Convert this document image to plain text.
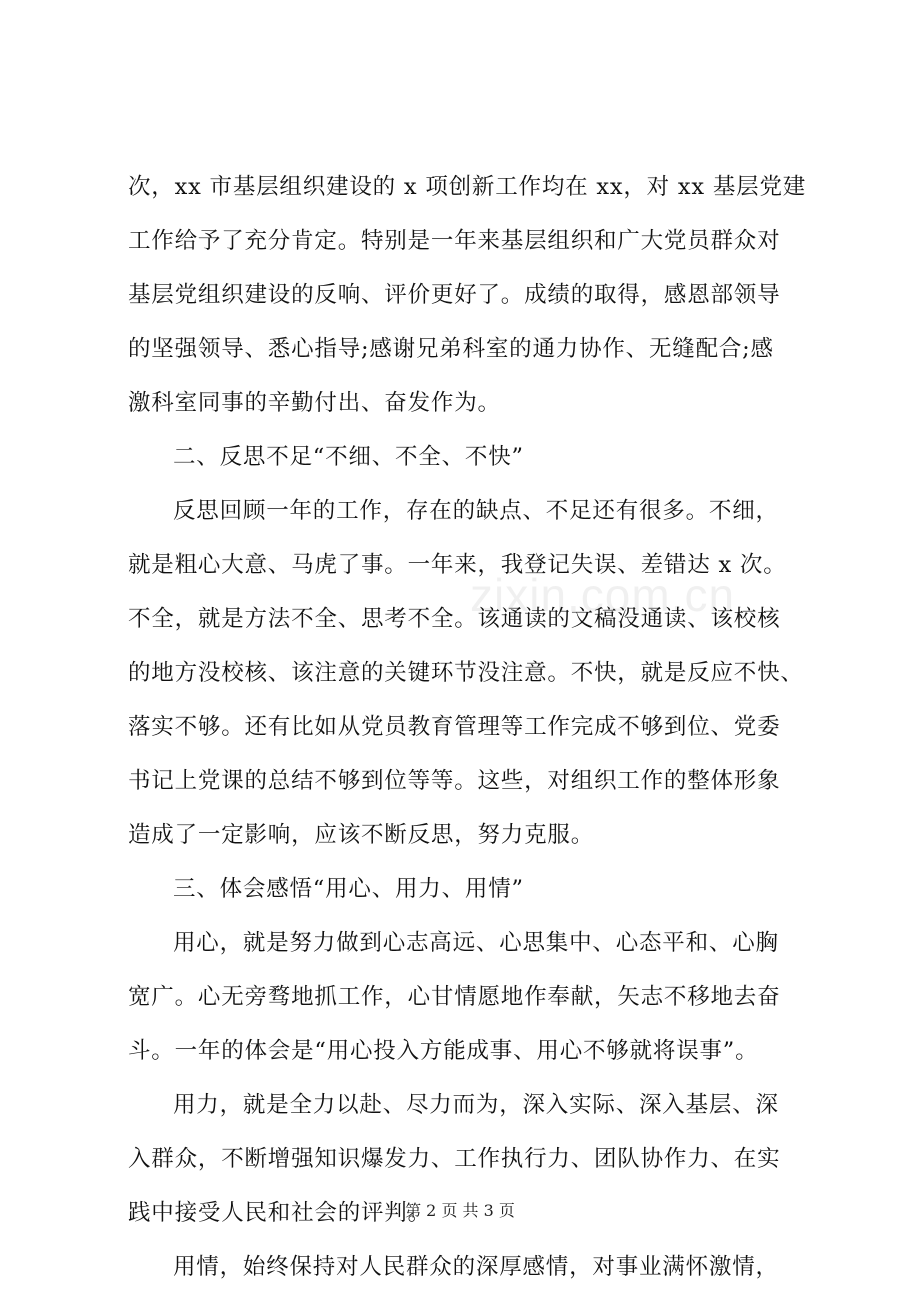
次，xx 市基层组织建设的 x 项创新工作均在 xx，对 xx 基层党建
工作给予了充分肯定。特别是一年来基层组织和广大党员群众对
基层党组织建设的反响、评价更好了。成绩的取得，感恩部领导
的坚强领导、悉心指导;感谢兄弟科室的通力协作、无缝配合;感
激科室同事的辛勤付出、奋发作为。
二、反思不足“不细、不全、不快”
反思回顾一年的工作，存在的缺点、不足还有很多。不细，
就是粗心大意、马虎了事。一年来，我登记失误、差错达 x 次。
不全，就是方法不全、思考不全。该通读的文稿没通读、该校核
的地方没校核、该注意的关键环节没注意。不快，就是反应不快、
落实不够。还有比如从党员教育管理等工作完成不够到位、党委
书记上党课的总结不够到位等等。这些，对组织工作的整体形象
造成了一定影响，应该不断反思，努力克服。
三、体会感悟“用心、用力、用情”
用心，就是努力做到心志高远、心思集中、心态平和、心胸
宽广。心无旁骛地抓工作，心甘情愿地作奉献，矢志不移地去奋
斗。一年的体会是“用心投入方能成事、用心不够就将误事”。
用力，就是全力以赴、尽力而为，深入实际、深入基层、深
入群众，不断增强知识爆发力、工作执行力、团队协作力、在实
践中接受人民和社会的评判。
用情，始终保持对人民群众的深厚感情，对事业满怀激情，
zixin.com.cn
第 2 页 共 3 页
